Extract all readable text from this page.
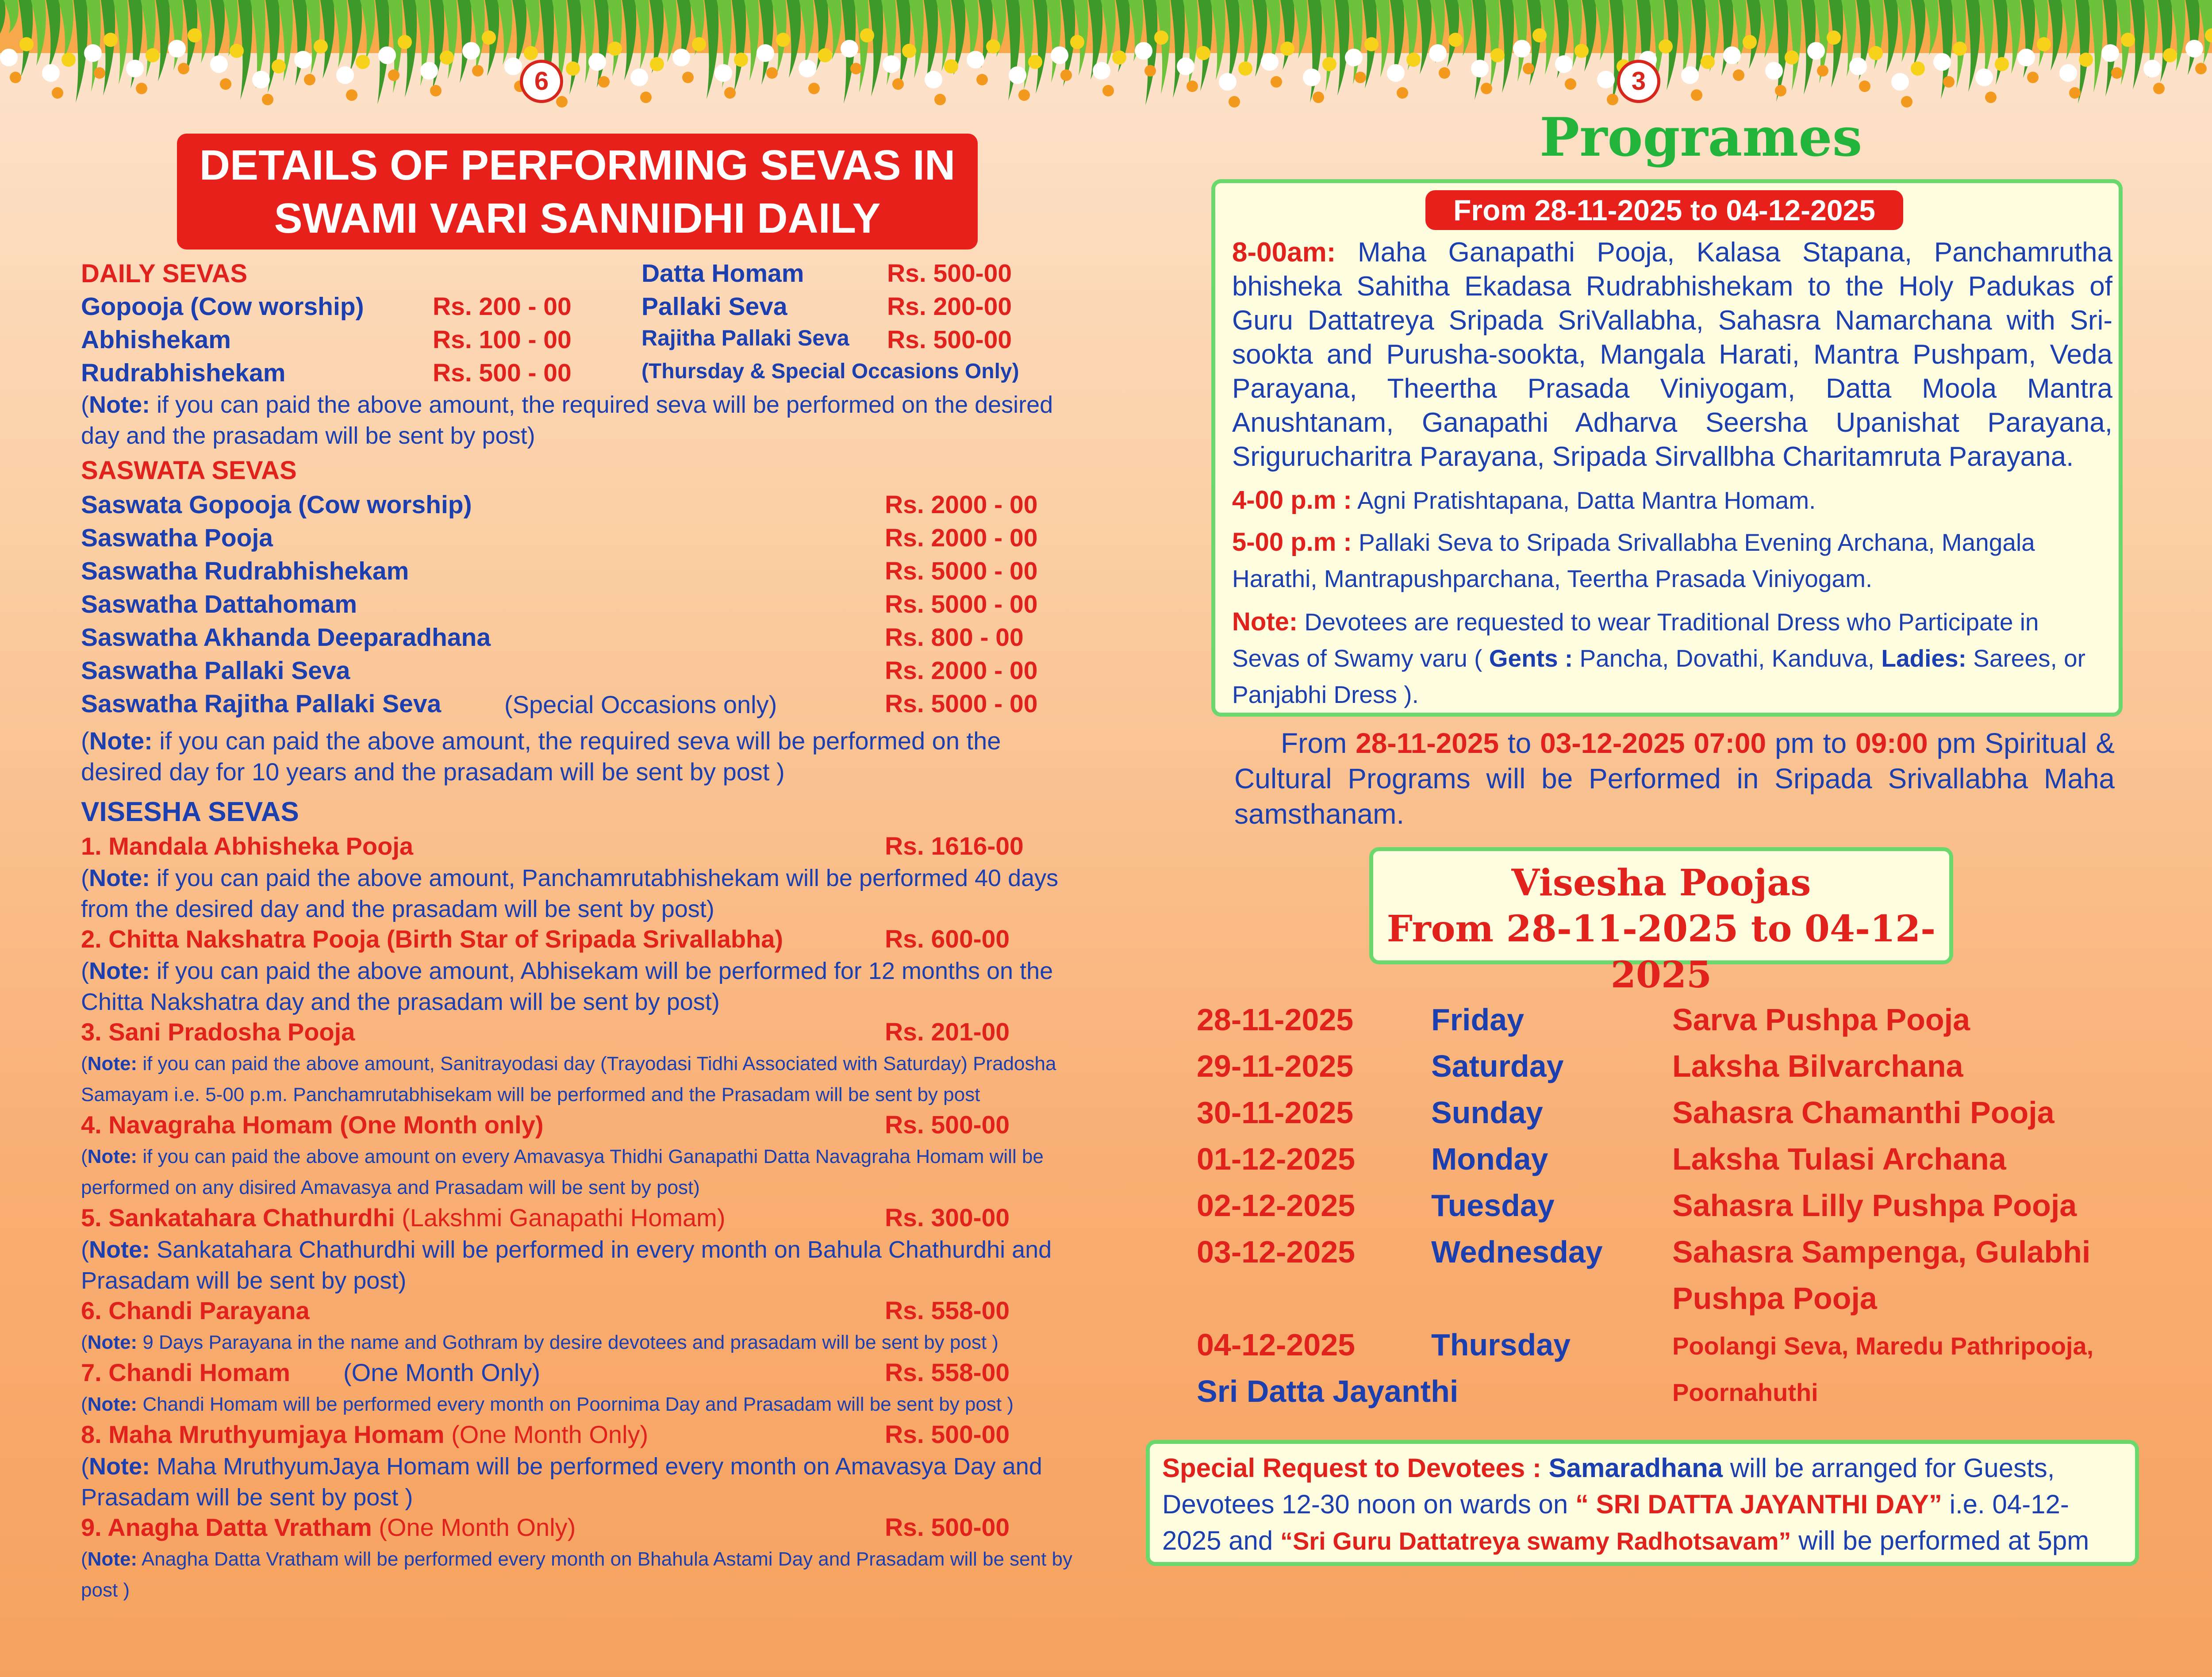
6	3
DETAILS OF PERFORMING SEVAS IN
SWAMI VARI SANNIDHI DAILY
DAILY SEVAS
Gopooja (Cow worship)	Rs. 200 - 00
Abhishekam	Rs. 100 - 00
Rudrabhishekam	Rs. 500 - 00
Datta Homam	Rs. 500-00
Pallaki Seva	Rs. 200-00
Rajitha Pallaki Seva Rs. 500-00
(Thursday & Special Occasions Only)
(Note: if you can paid the above amount, the required seva will be performed on the desired day and the prasadam will be sent by post)
SASWATA SEVAS
Saswata Gopooja (Cow worship)	Rs. 2000 - 00
Saswatha Pooja	Rs. 2000 - 00
Saswatha Rudrabhishekam	Rs. 5000 - 00
Saswatha Dattahomam	Rs. 5000 - 00
Saswatha Akhanda Deeparadhana	Rs. 800 - 00
Saswatha Pallaki Seva	Rs. 2000 - 00
Saswatha Rajitha Pallaki Seva	Rs. 5000 - 00
(Special Occasions only)
(Note: if you can paid the above amount, the required seva will be performed on the desired day for 10 years and the prasadam will be sent by post )
VISESHA SEVAS
1. Mandala Abhisheka Pooja	Rs. 1616-00
(Note: if you can paid the above amount, Panchamrutabhishekam will be performed 40 days from the desired day and the prasadam will be sent by post)
2. Chitta Nakshatra Pooja (Birth Star of Sripada Srivallabha)	Rs. 600-00
(Note: if you can paid the above amount, Abhisekam will be performed for 12 months on the Chitta Nakshatra day and the prasadam will be sent by post)
3. Sani Pradosha Pooja	Rs. 201-00
(Note: if you can paid the above amount, Sanitrayodasi day (Trayodasi Tidhi Associated with Saturday) Pradosha Samayam i.e. 5-00 p.m. Panchamrutabhisekam will be performed and the Prasadam will be sent by post
4. Navagraha Homam (One Month only)	Rs. 500-00
(Note: if you can paid the above amount on every Amavasya Thidhi Ganapathi Datta Navagraha Homam will be performed on any disired Amavasya and Prasadam will be sent by post)
5. Sankatahara Chathurdhi (Lakshmi Ganapathi Homam)	Rs. 300-00
(Note: Sankatahara Chathurdhi will be performed in every month on Bahula Chathurdhi and Prasadam will be sent by post)
6. Chandi Parayana	Rs. 558-00
(Note: 9 Days Parayana in the name and Gothram by desire devotees and prasadam will be sent by post )
7. Chandi Homam (One Month Only)	Rs. 558-00
(Note: Chandi Homam will be performed every month on Poornima Day and Prasadam will be sent by post )
8. Maha Mruthyumjaya Homam (One Month Only)	Rs. 500-00
(Note: Maha MruthyumJaya Homam will be performed every month on Amavasya Day and Prasadam will be sent by post )
9. Anagha Datta Vratham (One Month Only)	Rs. 500-00
(Note: Anagha Datta Vratham will be performed every month on Bhahula Astami Day and Prasadam will be sent by post )
Programes
From 28-11-2025 to 04-12-2025
8-00am: Maha Ganapathi Pooja, Kalasa Stapana, Panchamrutha bhisheka Sahitha Ekadasa Rudrabhishekam to the Holy Padukas of Guru Dattatreya Sripada SriVallabha, Sahasra Namarchana with Sri-sookta and Purusha-sookta, Mangala Harati, Mantra Pushpam, Veda Parayana, Theertha Prasada Viniyogam, Datta Moola Mantra Anushtanam, Ganapathi Adharva Seersha Upanishat Parayana, Srigurucharitra Parayana, Sripada Sirvallbha Charitamruta Parayana.
4-00 p.m : Agni Pratishtapana, Datta Mantra Homam.
5-00 p.m : Pallaki Seva to Sripada Srivallabha Evening Archana, Mangala Harathi, Mantrapushparchana, Teertha Prasada Viniyogam.
Note: Devotees are requested to wear Traditional Dress who Participate in Sevas of Swamy varu ( Gents : Pancha, Dovathi, Kanduva, Ladies: Sarees, or Panjabhi Dress ).
From 28-11-2025 to 03-12-2025 07:00 pm to 09:00 pm Spiritual & Cultural Programs will be Performed in Sripada Srivallabha Maha samsthanam.
Visesha Poojas
From 28-11-2025 to 04-12-2025
28-11-2025	Friday	Sarva Pushpa Pooja
29-11-2025	Saturday	Laksha Bilvarchana
30-11-2025	Sunday	Sahasra Chamanthi Pooja
01-12-2025 Monday	Laksha Tulasi Archana
02-12-2025 Tuesday	Sahasra Lilly Pushpa Pooja
03-12-2025 Wednesday Sahasra Sampenga, Gulabhi
Pushpa Pooja
04-12-2025 Thursday	Poolangi Seva, Maredu Pathripooja,
Sri Datta Jayanthi	Poornahuthi
Special Request to Devotees : Samaradhana will be arranged for Guests, Devotees 12-30 noon on wards on “ SRI DATTA JAYANTHI DAY” i.e. 04-12-2025 and “Sri Guru Dattatreya swamy Radhotsavam” will be performed at 5pm
